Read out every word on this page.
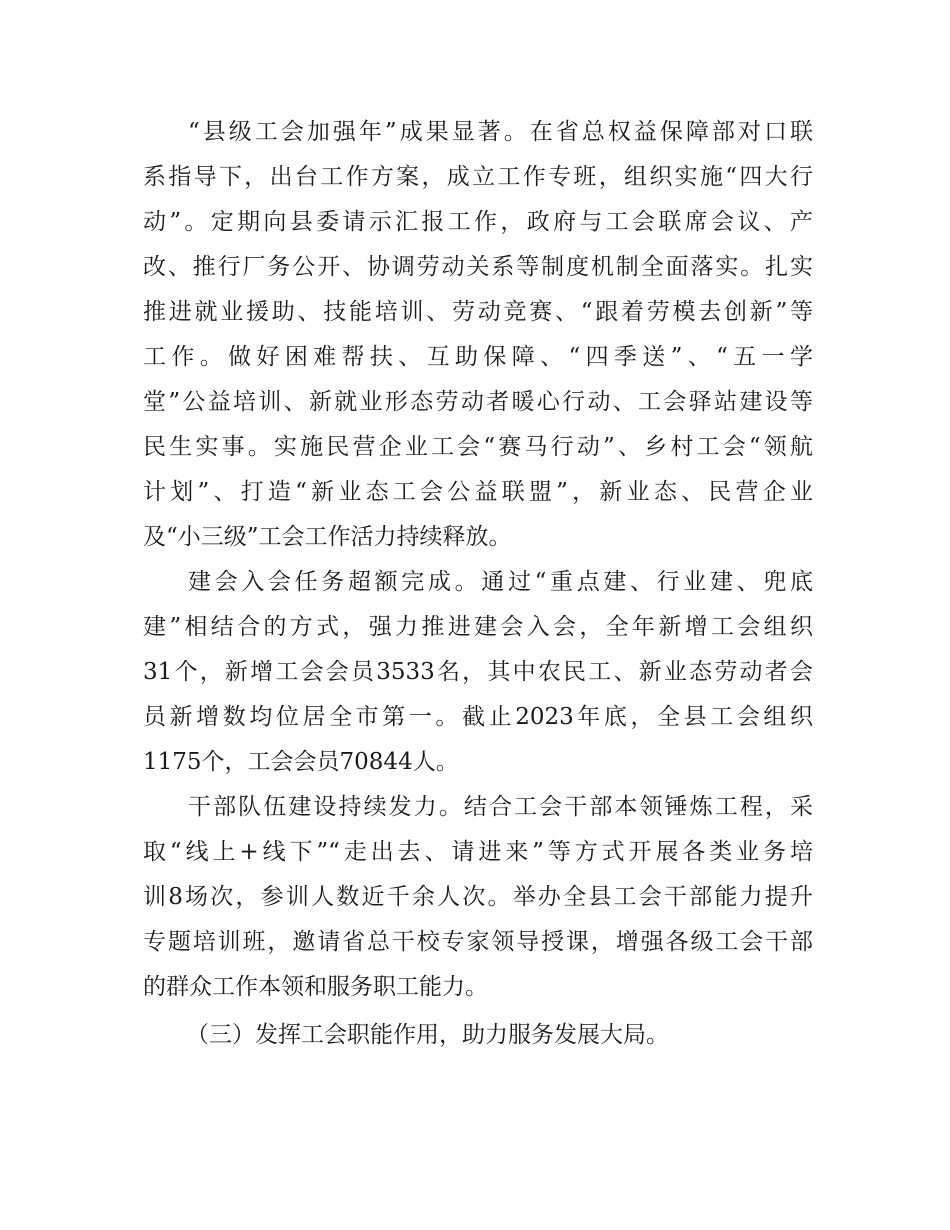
“县级工会加强年”成果显著。在省总权益保障部对口联

系指导下，出台工作方案，成立工作专班，组织实施“四大行

动”。定期向县委请示汇报工作，政府与工会联席会议、产

改、推行厂务公开、协调劳动关系等制度机制全面落实。扎实

推进就业援助、技能培训、劳动竞赛、“跟着劳模去创新”等

工作。做好困难帮扶、互助保障、“四季送”、“五一学

堂”公益培训、新就业形态劳动者暖心行动、工会驿站建设等

民生实事。实施民营企业工会“赛马行动”、乡村工会“领航

计划”、打造“新业态工会公益联盟”，新业态、民营企业

及“小三级”工会工作活力持续释放。

建会入会任务超额完成。通过“重点建、行业建、兜底

建”相结合的方式，强力推进建会入会，全年新增工会组织

31个，新增工会会员3533名，其中农民工、新业态劳动者会

员新增数均位居全市第一。截止2023年底，全县工会组织

1175个，工会会员70844人。

干部队伍建设持续发力。结合工会干部本领锤炼工程，采

取“线上+线下”“走出去、请进来”等方式开展各类业务培

训8场次，参训人数近千余人次。举办全县工会干部能力提升

专题培训班，邀请省总干校专家领导授课，增强各级工会干部

的群众工作本领和服务职工能力。

（三）发挥工会职能作用，助力服务发展大局。
